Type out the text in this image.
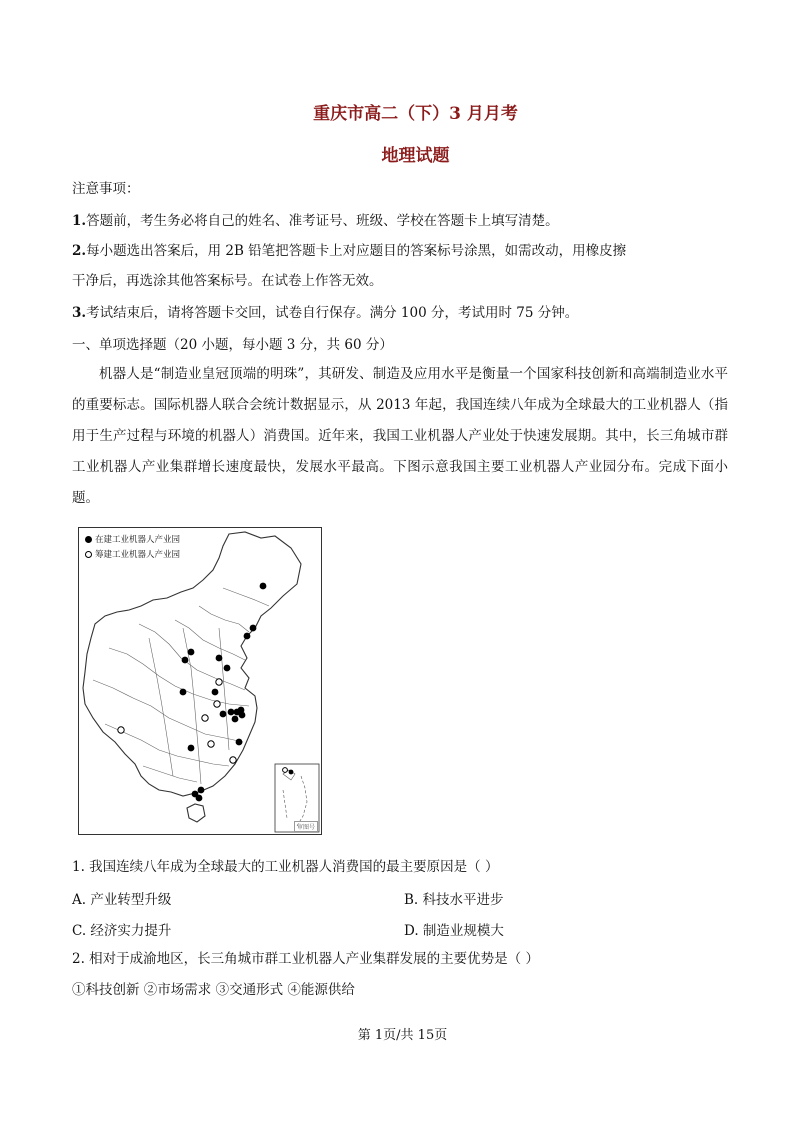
重庆市高二（下）3 月月考
地理试题
注意事项：
1.答题前，考生务必将自己的姓名、准考证号、班级、学校在答题卡上填写清楚。
2.每小题选出答案后，用 2B 铅笔把答题卡上对应题目的答案标号涂黑，如需改动，用橡皮擦
干净后，再选涂其他答案标号。在试卷上作答无效。
3.考试结束后，请将答题卡交回，试卷自行保存。满分 100 分，考试用时 75 分钟。
一、单项选择题（20 小题，每小题 3 分，共 60 分）
机器人是“制造业皇冠顶端的明珠”，其研发、制造及应用水平是衡量一个国家科技创新和高端制造业水平的重要标志。国际机器人联合会统计数据显示，从 2013 年起，我国连续八年成为全球最大的工业机器人（指用于生产过程与环境的机器人）消费国。近年来，我国工业机器人产业处于快速发展期。其中，长三角城市群工业机器人产业集群增长速度最快，发展水平最高。下图示意我国主要工业机器人产业园分布。完成下面小题。
在建工业机器人产业园
筹建工业机器人产业园
审图号
1. 我国连续八年成为全球最大的工业机器人消费国的最主要原因是（ ）
A. 产业转型升级	B. 科技水平进步
C. 经济实力提升	D. 制造业规模大
2. 相对于成渝地区，长三角城市群工业机器人产业集群发展的主要优势是（ ）
①科技创新 ②市场需求 ③交通形式 ④能源供给
第 1页/共 15页
